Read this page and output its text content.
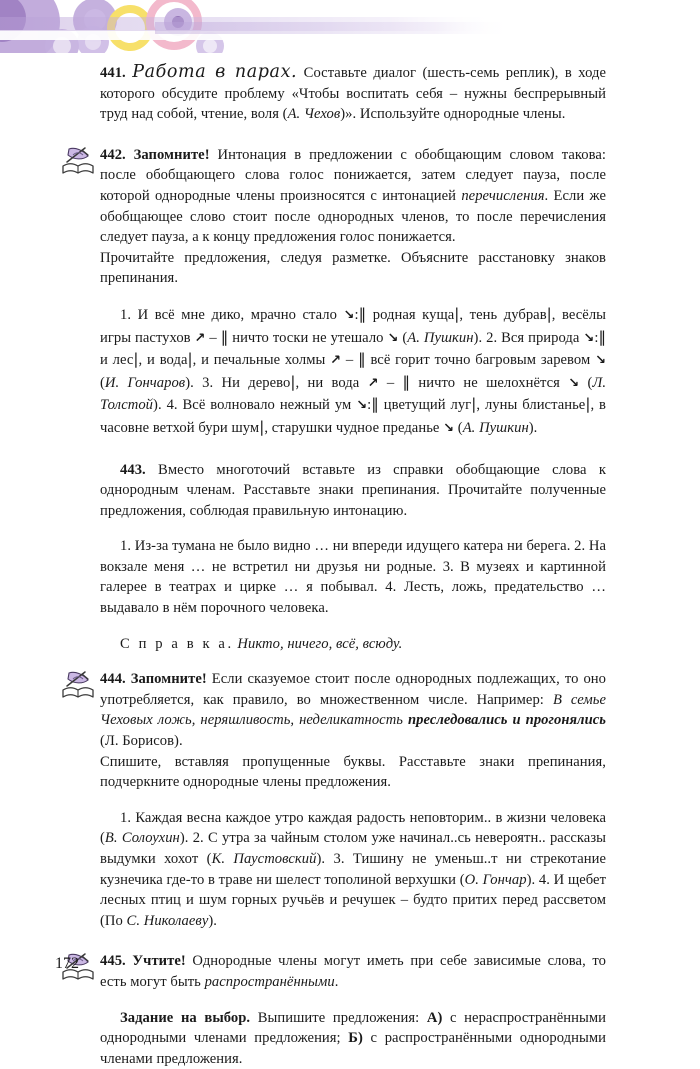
441. Работа в парах. Составьте диалог (шесть-семь реплик), в ходе которого обсудите проблему «Чтобы воспитать себя – нужны беспрерывный труд над собой, чтение, воля (А. Чехов)». Используйте однородные члены.

442. Запомните! Интонация в предложении с обобщающим словом такова: после обобщающего слова голос понижается, затем следует пауза, после которой однородные члены произносятся с интонацией перечисления. Если же обобщающее слово стоит после однородных членов, то после перечисления следует пауза, а к концу предложения голос понижается.

Прочитайте предложения, следуя разметке. Объясните расстановку знаков препинания.

1. И всё мне дико, мрачно стало ↘:‖ родная куща|, тень дубрав|, весёлы игры пастухов ↗ – ‖ ничто тоски не утешало ↘ (А. Пушкин). 2. Вся природа ↘:‖ и лес|, и вода|, и печальные холмы ↗ – ‖ всё горит точно багровым заревом ↘ (И. Гончаров). 3. Ни дерево|, ни вода ↗ – ‖ ничто не шелохнётся ↘ (Л. Толстой). 4. Всё волновало нежный ум ↘:‖ цветущий луг|, луны блистанье|, в часовне ветхой бури шум|, старушки чудное преданье ↘ (А. Пушкин).

443. Вместо многоточий вставьте из справки обобщающие слова к однородным членам. Расставьте знаки препинания. Прочитайте полученные предложения, соблюдая правильную интонацию.

1. Из-за тумана не было видно … ни впереди идущего катера ни берега. 2. На вокзале меня … не встретил ни друзья ни родные. 3. В музеях и картинной галерее в театрах и цирке … я побывал. 4. Лесть, ложь, предательство … выдавало в нём порочного человека.

С п р а в к а. Никто, ничего, всё, всюду.

444. Запомните! Если сказуемое стоит после однородных подлежащих, то оно употребляется, как правило, во множественном числе. Например: В семье Чеховых ложь, неряшливость, неделикатность преследовались и прогонялись (Л. Борисов).

Спишите, вставляя пропущенные буквы. Расставьте знаки препинания, подчеркните однородные члены предложения.

1. Каждая весна каждое утро каждая радость неповторим.. в жизни человека (В. Солоухин). 2. С утра за чайным столом уже начинал..сь невероятн.. рассказы выдумки хохот (К. Паустовский). 3. Тишину не уменьш..т ни стрекотание кузнечика где-то в траве ни шелест тополиной верхушки (О. Гончар). 4. И щебет лесных птиц и шум горных ручьёв и речушек – будто притих перед рассветом (По С. Николаеву).

445. Учтите! Однородные члены могут иметь при себе зависимые слова, то есть могут быть распространёнными.

Задание на выбор. Выпишите предложения: А) с нераспространёнными однородными членами предложения; Б) с распространёнными однородными членами предложения.

172
